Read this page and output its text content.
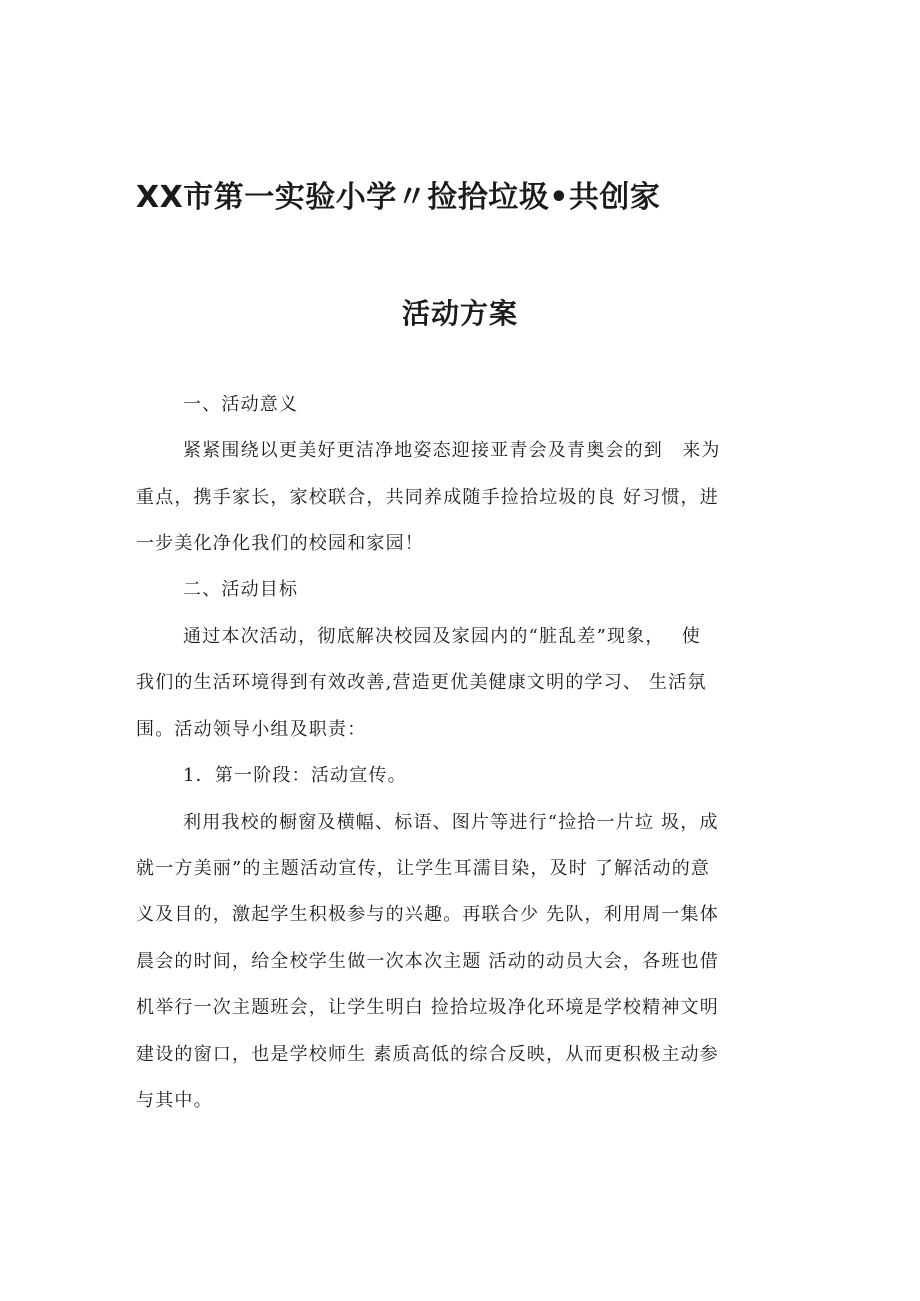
XX市第一实验小学〃捡拾垃圾•共创家
活动方案

一、活动意义

紧紧围绕以更美好更洁净地姿态迎接亚青会及青奥会的到　来为

重点，携手家长，家校联合，共同养成随手捡拾垃圾的良 好习惯，进

一步美化净化我们的校园和家园！

二、活动目标

通过本次活动，彻底解决校园及家园内的“脏乱差”现象，　 使

我们的生活环境得到有效改善,营造更优美健康文明的学习、 生活氛

围。活动领导小组及职责：

1．第一阶段：活动宣传。

利用我校的橱窗及横幅、标语、图片等进行“捡拾一片垃 圾，成

就一方美丽”的主题活动宣传，让学生耳濡目染，及时 了解活动的意

义及目的，激起学生积极参与的兴趣。再联合少 先队，利用周一集体

晨会的时间，给全校学生做一次本次主题 活动的动员大会，各班也借

机举行一次主题班会，让学生明白 捡拾垃圾净化环境是学校精神文明

建设的窗口，也是学校师生 素质高低的综合反映，从而更积极主动参

与其中。
